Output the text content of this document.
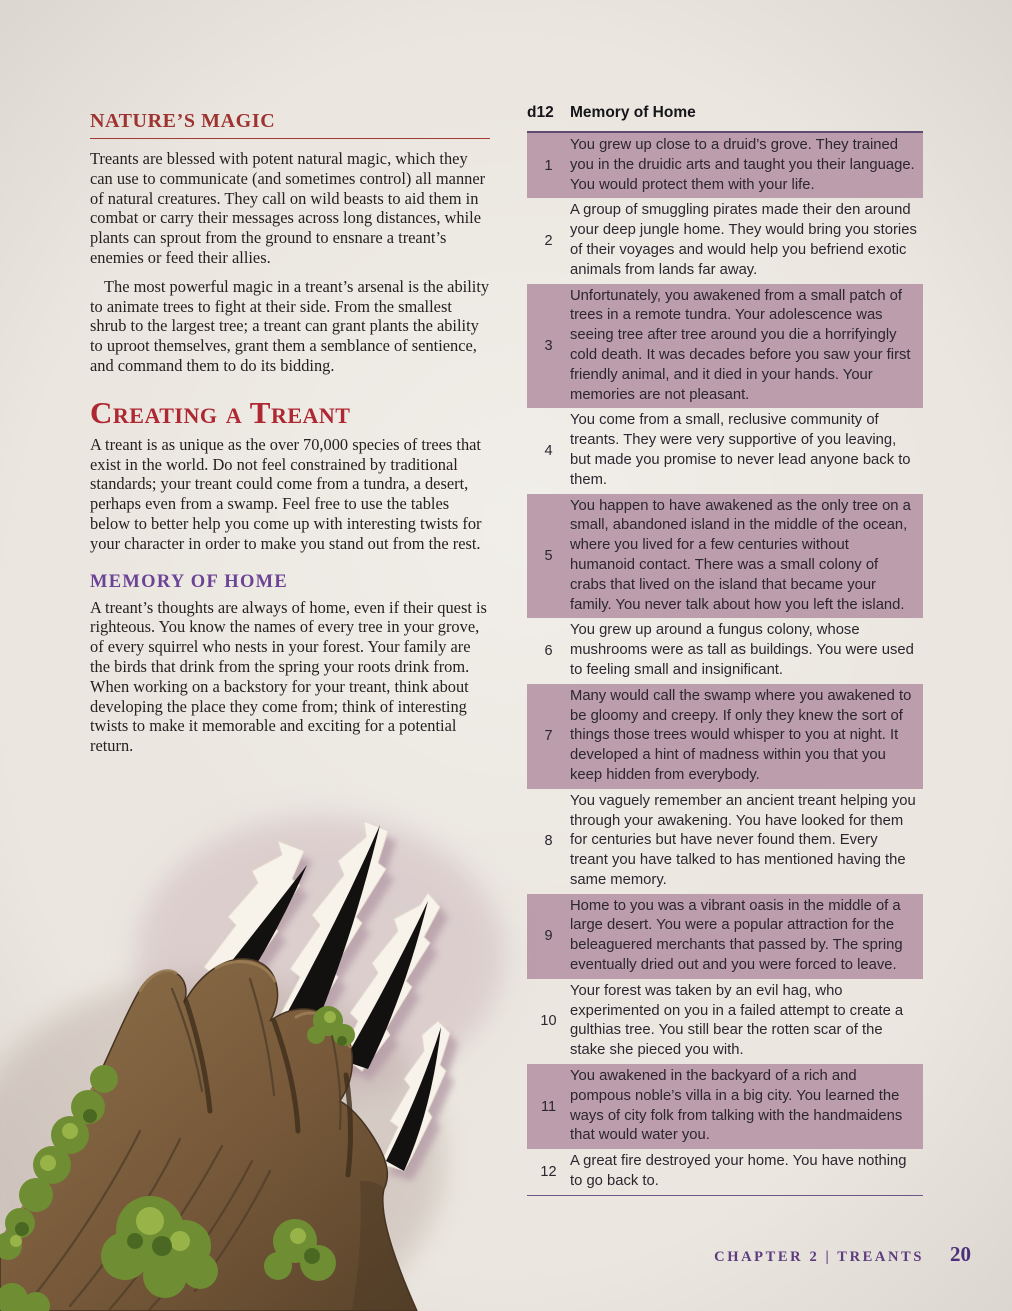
NATURE’S MAGIC

Treants are blessed with potent natural magic, which they can use to communicate (and sometimes control) all manner of natural creatures. They call on wild beasts to aid them in combat or carry their messages across long distances, while plants can sprout from the ground to ensnare a treant’s enemies or feed their allies.

The most powerful magic in a treant’s arsenal is the ability to animate trees to fight at their side. From the smallest shrub to the largest tree; a treant can grant plants the ability to uproot themselves, grant them a semblance of sentience, and command them to do its bidding.

Creating a Treant

A treant is as unique as the over 70,000 species of trees that exist in the world. Do not feel constrained by traditional standards; your treant could come from a tundra, a desert, perhaps even from a swamp. Feel free to use the tables below to better help you come up with interesting twists for your character in order to make you stand out from the rest.

MEMORY OF HOME

A treant’s thoughts are always of home, even if their quest is righteous. You know the names of every tree in your grove, of every squirrel who nests in your forest. Your family are the birds that drink from the spring your roots drink from. When working on a backstory for your treant, think about developing the place they come from; think of interesting twists to make it memorable and exciting for a potential return.

d12	Memory of Home
1
You grew up close to a druid’s grove. They trained you in the druidic arts and taught you their language. You would protect them with your life.
2
A group of smuggling pirates made their den around your deep jungle home. They would bring you stories of their voyages and would help you befriend exotic animals from lands far away.
3
Unfortunately, you awakened from a small patch of trees in a remote tundra. Your adolescence was seeing tree after tree around you die a horrifyingly cold death. It was decades before you saw your first friendly animal, and it died in your hands. Your memories are not pleasant.
4
You come from a small, reclusive community of treants. They were very supportive of you leaving, but made you promise to never lead anyone back to them.
5
You happen to have awakened as the only tree on a small, abandoned island in the middle of the ocean, where you lived for a few centuries without humanoid contact. There was a small colony of crabs that lived on the island that became your family. You never talk about how you left the island.
6
You grew up around a fungus colony, whose mushrooms were as tall as buildings. You were used to feeling small and insignificant.
7
Many would call the swamp where you awakened to be gloomy and creepy. If only they knew the sort of things those trees would whisper to you at night. It developed a hint of madness within you that you keep hidden from everybody.
8
You vaguely remember an ancient treant helping you through your awakening. You have looked for them for centuries but have never found them. Every treant you have talked to has mentioned having the same memory.
9
Home to you was a vibrant oasis in the middle of a large desert. You were a popular attraction for the beleaguered merchants that passed by. The spring eventually dried out and you were forced to leave.
10
Your forest was taken by an evil hag, who experimented on you in a failed attempt to create a gulthias tree. You still bear the rotten scar of the stake she pieced you with.
11
You awakened in the backyard of a rich and pompous noble’s villa in a big city. You learned the ways of city folk from talking with the handmaidens that would water you.
12
A great fire destroyed your home. You have nothing to go back to.
CHAPTER 2 | TREANTS 20
